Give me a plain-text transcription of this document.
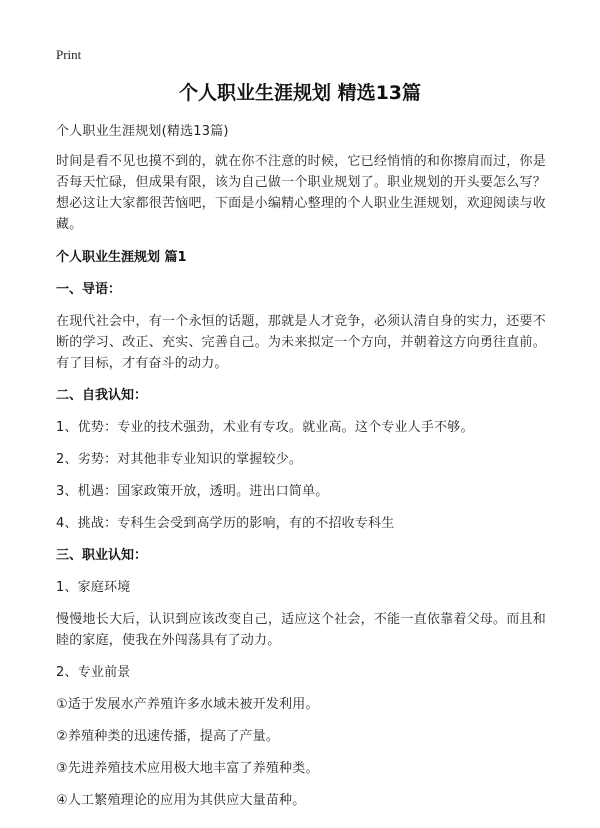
Print
个人职业生涯规划 精选13篇

个人职业生涯规划(精选13篇)

时间是看不见也摸不到的，就在你不注意的时候，它已经悄悄的和你擦肩而过，你是否每天忙碌，但成果有限，该为自己做一个职业规划了。职业规划的开头要怎么写？想必这让大家都很苦恼吧，下面是小编精心整理的个人职业生涯规划，欢迎阅读与收藏。

个人职业生涯规划 篇1

一、导语：

在现代社会中，有一个永恒的话题，那就是人才竞争，必须认清自身的实力，还要不断的学习、改正、充实、完善自己。为未来拟定一个方向，并朝着这方向勇往直前。有了目标，才有奋斗的动力。

二、自我认知：

1、优势：专业的技术强劲，术业有专攻。就业高。这个专业人手不够。

2、劣势：对其他非专业知识的掌握较少。

3、机遇：国家政策开放，透明。进出口简单。

4、挑战：专科生会受到高学历的影响，有的不招收专科生

三、职业认知：

1、家庭环境

慢慢地长大后，认识到应该改变自己，适应这个社会，不能一直依靠着父母。而且和睦的家庭，使我在外闯荡具有了动力。

2、专业前景

①适于发展水产养殖许多水域未被开发利用。

②养殖种类的迅速传播，提高了产量。

③先进养殖技术应用极大地丰富了养殖种类。

④人工繁殖理论的应用为其供应大量苗种。
